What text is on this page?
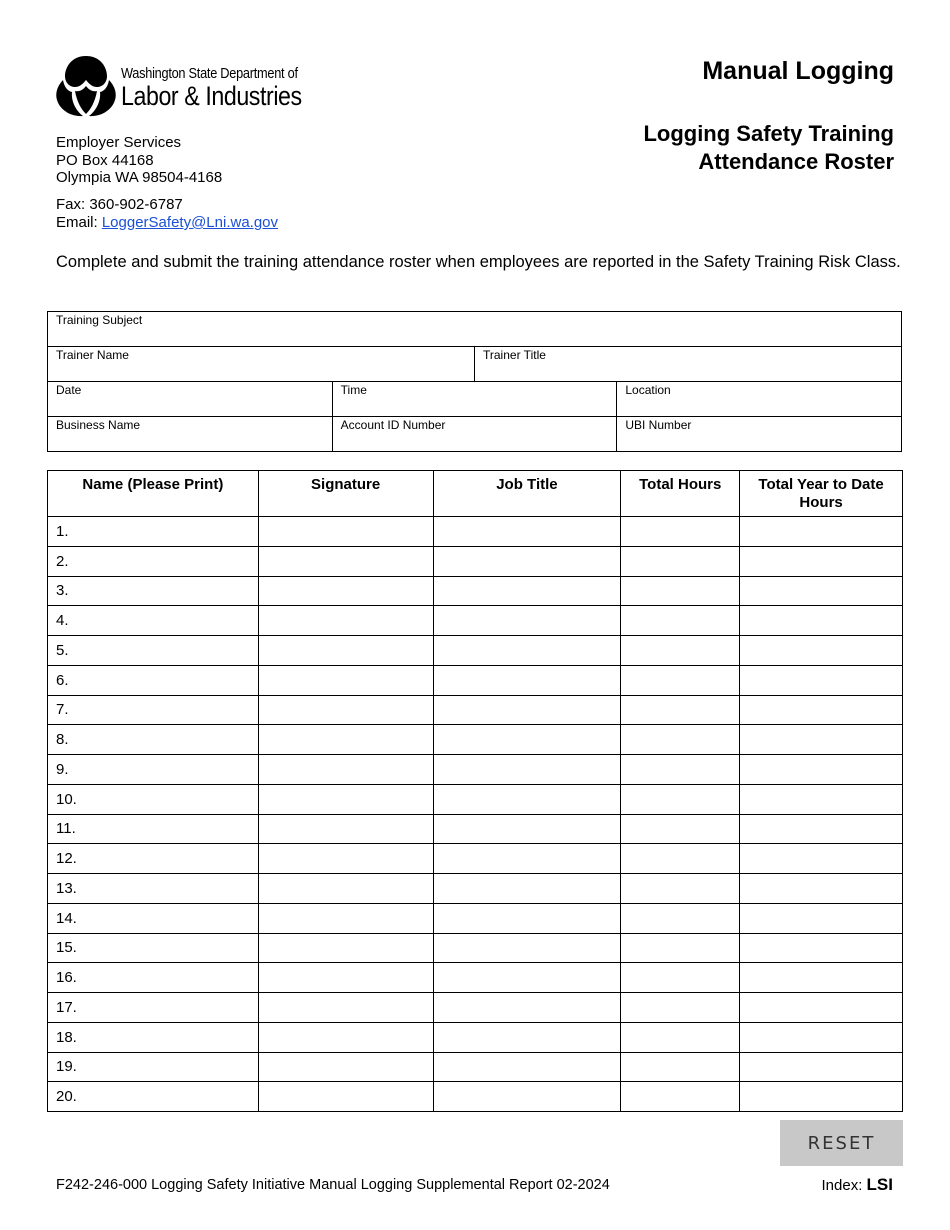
Washington State Department of
Labor & Industries
Manual Logging
Logging Safety Training
Attendance Roster
Employer Services
PO Box 44168
Olympia WA 98504-4168
Fax: 360-902-6787
Email: LoggerSafety@Lni.wa.gov
Complete and submit the training attendance roster when employees are reported in the Safety Training Risk Class.
Training Subject
Trainer Name	Trainer Title
Date	Time	Location
Business Name	Account ID Number	UBI Number
Name (Please Print)	Signature	Job Title	Total Hours	Total Year to Date Hours
1.				
2.				
3.				
4.				
5.				
6.				
7.				
8.				
9.				
10.				
11.				
12.				
13.				
14.				
15.				
16.				
17.				
18.				
19.				
20.				
RESET
F242-246-000 Logging Safety Initiative Manual Logging Supplemental Report 02-2024	Index: LSI
